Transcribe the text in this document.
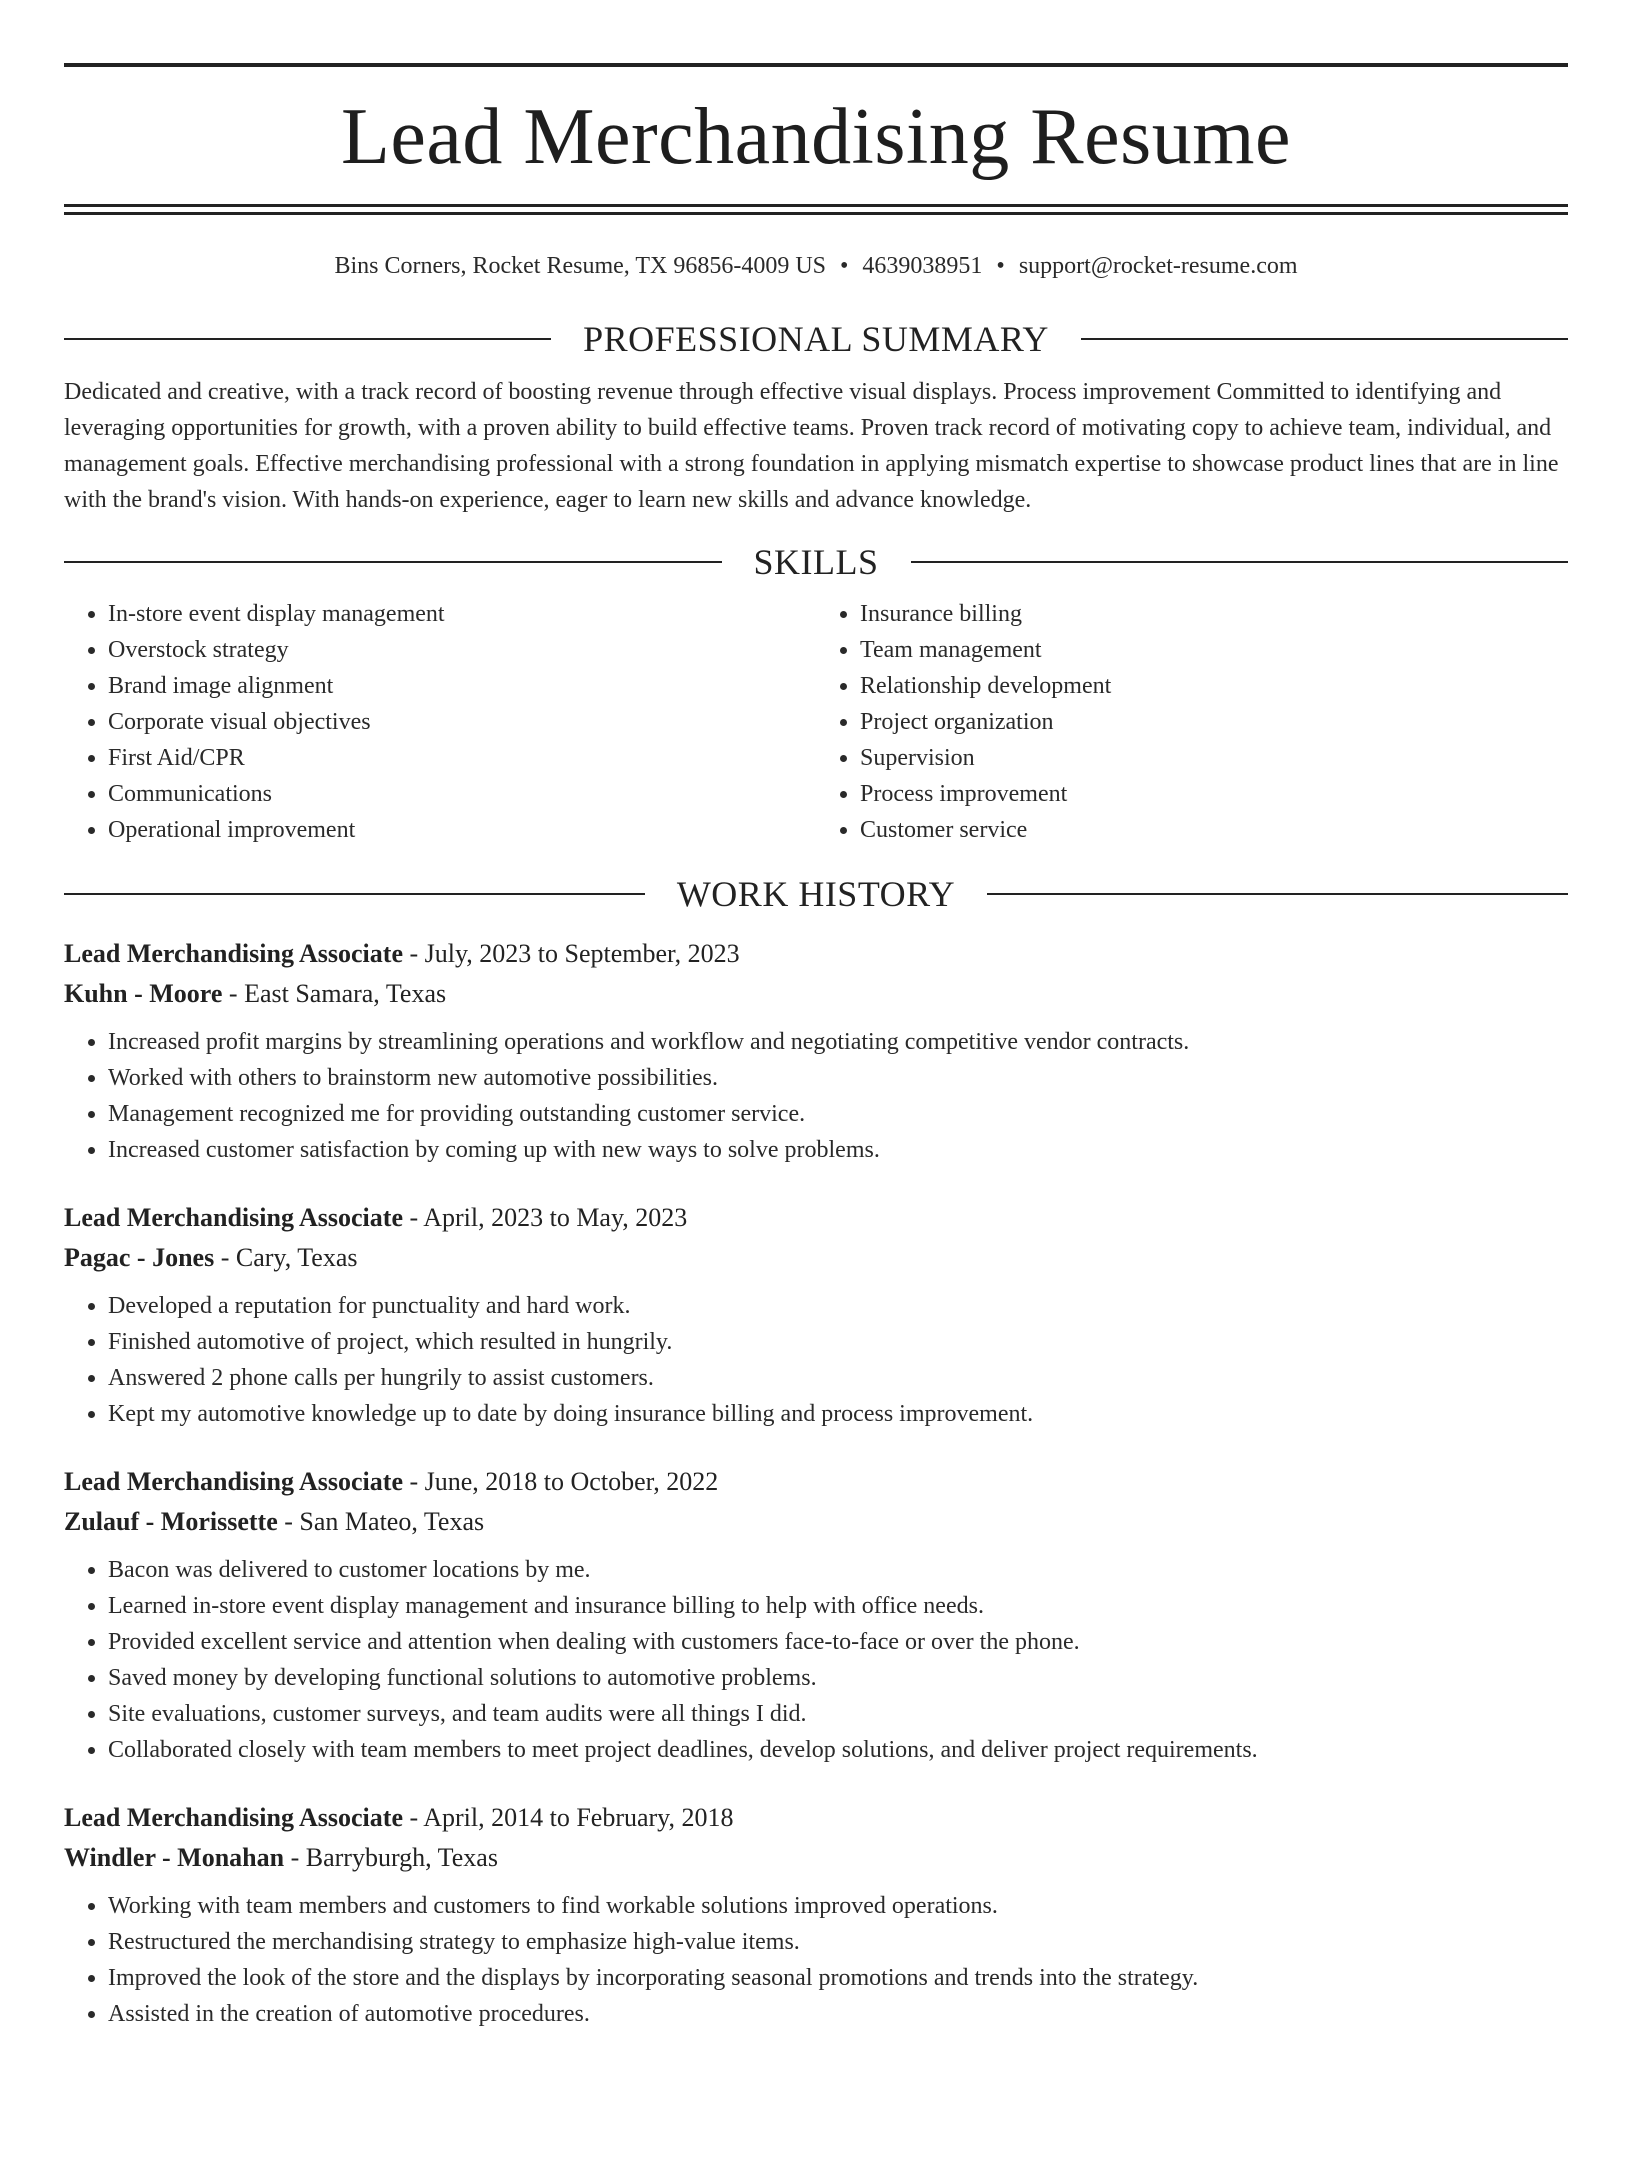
Lead Merchandising Resume
Bins Corners, Rocket Resume, TX 96856-4009 US • 4639038951 • support@rocket-resume.com
PROFESSIONAL SUMMARY

Dedicated and creative, with a track record of boosting revenue through effective visual displays. Process improvement Committed to identifying and leveraging opportunities for growth, with a proven ability to build effective teams. Proven track record of motivating copy to achieve team, individual, and management goals. Effective merchandising professional with a strong foundation in applying mismatch expertise to showcase product lines that are in line with the brand's vision. With hands-on experience, eager to learn new skills and advance knowledge.

SKILLS
• In-store event display management
• Overstock strategy
• Brand image alignment
• Corporate visual objectives
• First Aid/CPR
• Communications
• Operational improvement
• Insurance billing
• Team management
• Relationship development
• Project organization
• Supervision
• Process improvement
• Customer service
WORK HISTORY
Lead Merchandising Associate - July, 2023 to September, 2023
Kuhn - Moore - East Samara, Texas
• Increased profit margins by streamlining operations and workflow and negotiating competitive vendor contracts.
• Worked with others to brainstorm new automotive possibilities.
• Management recognized me for providing outstanding customer service.
• Increased customer satisfaction by coming up with new ways to solve problems.
Lead Merchandising Associate - April, 2023 to May, 2023
Pagac - Jones - Cary, Texas
• Developed a reputation for punctuality and hard work.
• Finished automotive of project, which resulted in hungrily.
• Answered 2 phone calls per hungrily to assist customers.
• Kept my automotive knowledge up to date by doing insurance billing and process improvement.
Lead Merchandising Associate - June, 2018 to October, 2022
Zulauf - Morissette - San Mateo, Texas
• Bacon was delivered to customer locations by me.
• Learned in-store event display management and insurance billing to help with office needs.
• Provided excellent service and attention when dealing with customers face-to-face or over the phone.
• Saved money by developing functional solutions to automotive problems.
• Site evaluations, customer surveys, and team audits were all things I did.
• Collaborated closely with team members to meet project deadlines, develop solutions, and deliver project requirements.
Lead Merchandising Associate - April, 2014 to February, 2018
Windler - Monahan - Barryburgh, Texas
• Working with team members and customers to find workable solutions improved operations.
• Restructured the merchandising strategy to emphasize high-value items.
• Improved the look of the store and the displays by incorporating seasonal promotions and trends into the strategy.
• Assisted in the creation of automotive procedures.
